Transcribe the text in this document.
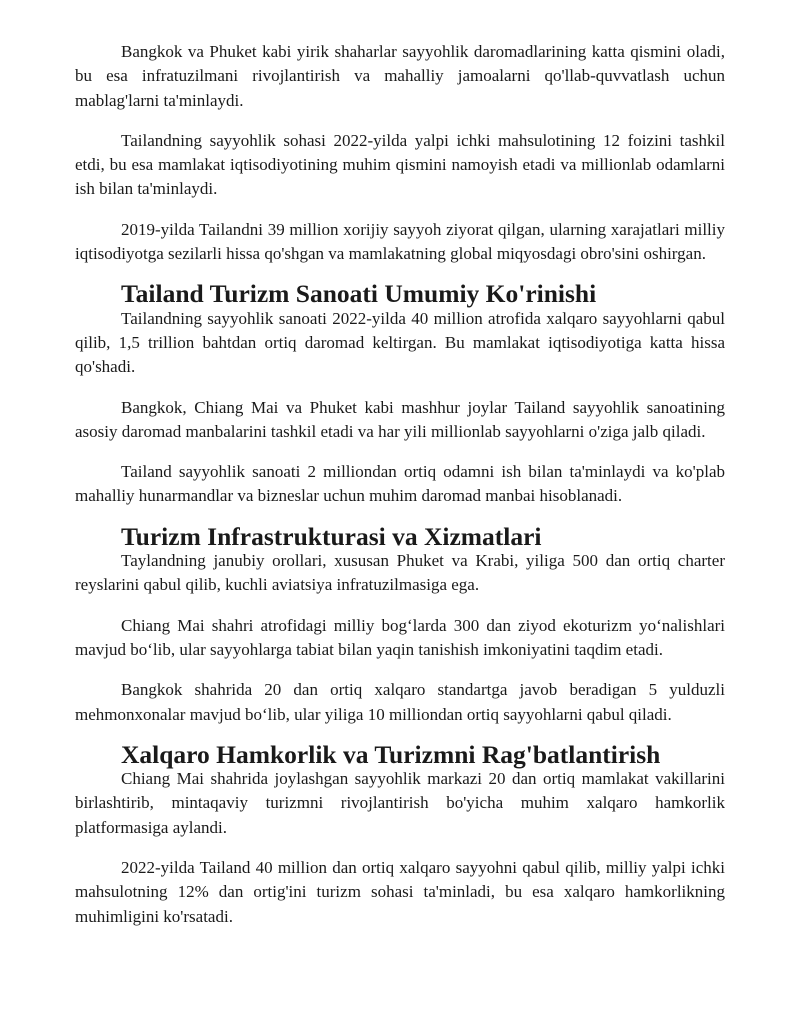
Bangkok va Phuket kabi yirik shaharlar sayyohlik daromadlarining katta qismini oladi, bu esa infratuzilmani rivojlantirish va mahalliy jamoalarni qo'llab-quvvatlash uchun mablag'larni ta'minlaydi.

Tailandning sayyohlik sohasi 2022-yilda yalpi ichki mahsulotining 12 foizini tashkil etdi, bu esa mamlakat iqtisodiyotining muhim qismini namoyish etadi va millionlab odamlarni ish bilan ta'minlaydi.

2019-yilda Tailandni 39 million xorijiy sayyoh ziyorat qilgan, ularning xarajatlari milliy iqtisodiyotga sezilarli hissa qo'shgan va mamlakatning global miqyosdagi obro'sini oshirgan.

Tailand Turizm Sanoati Umumiy Ko'rinishi

Tailandning sayyohlik sanoati 2022-yilda 40 million atrofida xalqaro sayyohlarni qabul qilib, 1,5 trillion bahtdan ortiq daromad keltirgan. Bu mamlakat iqtisodiyotiga katta hissa qo'shadi.

Bangkok, Chiang Mai va Phuket kabi mashhur joylar Tailand sayyohlik sanoatining asosiy daromad manbalarini tashkil etadi va har yili millionlab sayyohlarni o'ziga jalb qiladi.

Tailand sayyohlik sanoati 2 milliondan ortiq odamni ish bilan ta'minlaydi va ko'plab mahalliy hunarmandlar va bizneslar uchun muhim daromad manbai hisoblanadi.

Turizm Infrastrukturasi va Xizmatlari

Taylandning janubiy orollari, xususan Phuket va Krabi, yiliga 500 dan ortiq charter reyslarini qabul qilib, kuchli aviatsiya infratuzilmasiga ega.

Chiang Mai shahri atrofidagi milliy bog‘larda 300 dan ziyod ekoturizm yo‘nalishlari mavjud bo‘lib, ular sayyohlarga tabiat bilan yaqin tanishish imkoniyatini taqdim etadi.

Bangkok shahrida 20 dan ortiq xalqaro standartga javob beradigan 5 yulduzli mehmonxonalar mavjud bo‘lib, ular yiliga 10 milliondan ortiq sayyohlarni qabul qiladi.

Xalqaro Hamkorlik va Turizmni Rag'batlantirish

Chiang Mai shahrida joylashgan sayyohlik markazi 20 dan ortiq mamlakat vakillarini birlashtirib, mintaqaviy turizmni rivojlantirish bo'yicha muhim xalqaro hamkorlik platformasiga aylandi.

2022-yilda Tailand 40 million dan ortiq xalqaro sayyohni qabul qilib, milliy yalpi ichki mahsulotning 12% dan ortig'ini turizm sohasi ta'minladi, bu esa xalqaro hamkorlikning muhimligini ko'rsatadi.
